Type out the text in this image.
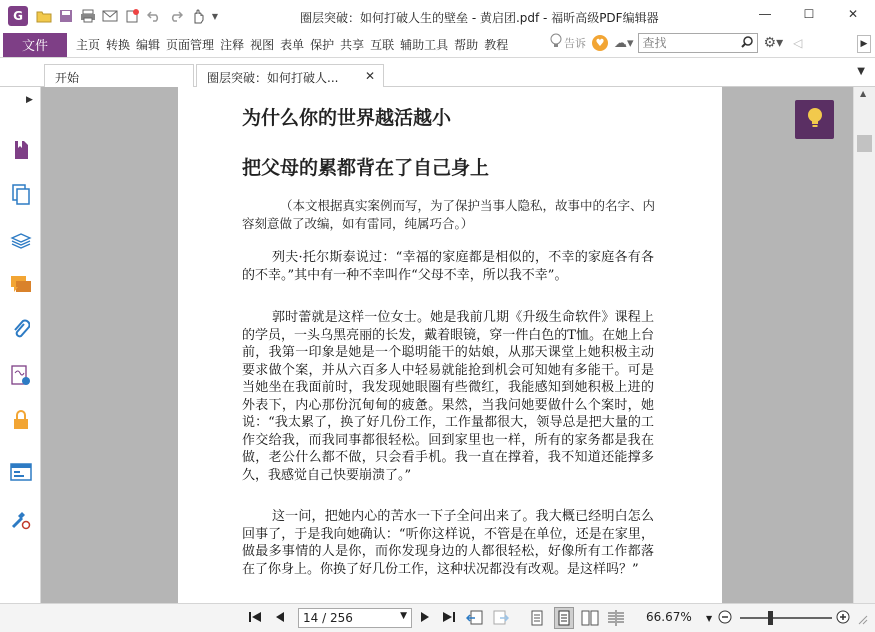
G	▼	圈层突破：如何打破人生的壁垒 - 黄启团.pdf - 福昕高级PDF编辑器	―	☐	✕
文件	主页 转换 编辑 页面管理 注释 视图 表单 保护 共享 互联 辅助工具 帮助 教程	告诉 ♥ ☁▾
查找	⚙▾ ◁	▶
开始	圈层突破：如何打破人... ✕	▼
▶
为什么你的世界越活越小
把父母的累都背在了自己身上
（本文根据真实案例而写，为了保护当事人隐私，故事中的名字、内容刻意做了改编，如有雷同，纯属巧合。）
列夫·托尔斯泰说过：“幸福的家庭都是相似的，不幸的家庭各有各的不幸。”其中有一种不幸叫作“父母不幸，所以我不幸”。
郭时蕾就是这样一位女士。她是我前几期《升级生命软件》课程上的学员，一头乌黑亮丽的长发，戴着眼镜，穿一件白色的T恤。在她上台前，我第一印象是她是一个聪明能干的姑娘，从那天课堂上她积极主动要求做个案，并从六百多人中轻易就能抢到机会可知她有多能干。可是当她坐在我面前时，我发现她眼圈有些微红，我能感知到她积极上进的外表下，内心那份沉甸甸的疲惫。果然，当我问她要做什么个案时，她说：“我太累了，换了好几份工作，工作量都很大，领导总是把大量的工作交给我，而我同事都很轻松。回到家里也一样，所有的家务都是我在做，老公什么都不做，只会看手机。我一直在撑着，我不知道还能撑多久，我感觉自己快要崩溃了。”
这一问，把她内心的苦水一下子全问出来了。我大概已经明白怎么回事了，于是我向她确认：“听你这样说，不管是在单位，还是在家里，做最多事情的人是你，而你发现身边的人都很轻松，好像所有工作都落在了你身上。你换了好几份工作，这种状况都没有改观。是这样吗？”
▲
14 / 256	▼	66.67% ▼
